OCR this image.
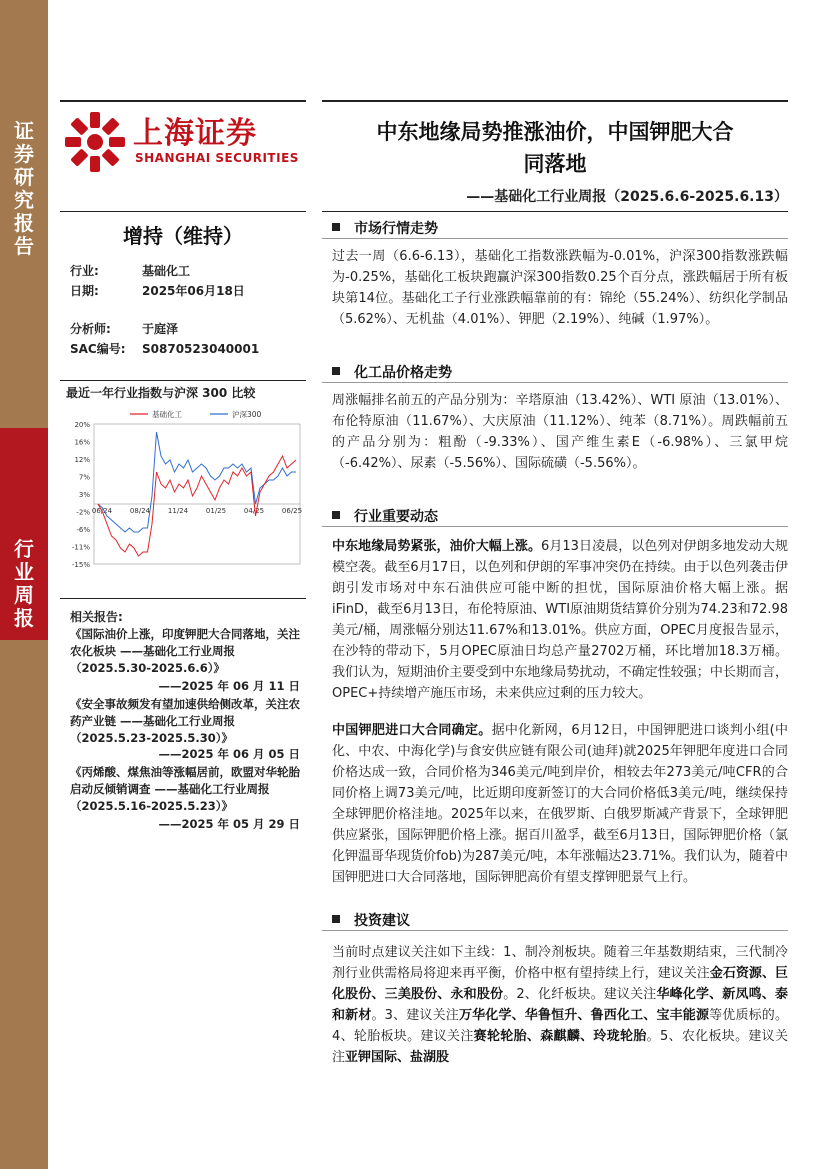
证券研究报告
行业周报
上海证券
SHANGHAI SECURITIES
中东地缘局势推涨油价，中国钾肥大合
同落地
——基础化工行业周报（2025.6.6-2025.6.13）
增持（维持）
行业:	基础化工
日期:	2025年06月18日
分析师:	于庭泽
SAC编号: S0870523040001
最近一年行业指数与沪深 300 比较
20%
16%
12%
7%
3%
-2%
-6%
-11%
-15%
06/24	08/24	11/24	01/25	04/25	06/25
基础化工	沪深300
相关报告:
《国际油价上涨，印度钾肥大合同落地，关注农化板块 ——基础化工行业周报（2025.5.30-2025.6.6）》
——2025 年 06 月 11 日
《安全事故频发有望加速供给侧改革，关注农药产业链 ——基础化工行业周报（2025.5.23-2025.5.30）》
——2025 年 06 月 05 日
《丙烯酸、煤焦油等涨幅居前，欧盟对华轮胎启动反倾销调查 ——基础化工行业周报（2025.5.16-2025.5.23）》
——2025 年 05 月 29 日
市场行情走势
过去一周（6.6-6.13），基础化工指数涨跌幅为-0.01%，沪深300指数涨跌幅为-0.25%，基础化工板块跑赢沪深300指数0.25个百分点，涨跌幅居于所有板块第14位。基础化工子行业涨跌幅靠前的有：锦纶（55.24%）、纺织化学制品（5.62%）、无机盐（4.01%）、钾肥（2.19%）、纯碱（1.97%）。
化工品价格走势
周涨幅排名前五的产品分别为：辛塔原油（13.42%）、WTI 原油（13.01%）、布伦特原油（11.67%）、大庆原油（11.12%）、纯苯（8.71%）。周跌幅前五的产品分别为：粗酚（-9.33%）、国产维生素E（-6.98%）、三氯甲烷（-6.42%）、尿素（-5.56%）、国际硫磺（-5.56%）。
行业重要动态
中东地缘局势紧张，油价大幅上涨。6月13日凌晨，以色列对伊朗多地发动大规模空袭。截至6月17日，以色列和伊朗的军事冲突仍在持续。由于以色列袭击伊朗引发市场对中东石油供应可能中断的担忧，国际原油价格大幅上涨。据iFinD，截至6月13日，布伦特原油、WTI原油期货结算价分别为74.23和72.98美元/桶，周涨幅分别达11.67%和13.01%。供应方面，OPEC月度报告显示，在沙特的带动下，5月OPEC原油日均总产量2702万桶，环比增加18.3万桶。我们认为，短期油价主要受到中东地缘局势扰动，不确定性较强；中长期而言，OPEC+持续增产施压市场，未来供应过剩的压力较大。
中国钾肥进口大合同确定。据中化新网，6月12日，中国钾肥进口谈判小组(中化、中农、中海化学)与食安供应链有限公司(迪拜)就2025年钾肥年度进口合同价格达成一致，合同价格为346美元/吨到岸价，相较去年273美元/吨CFR的合同价格上调73美元/吨，比近期印度新签订的大合同价格低3美元/吨，继续保持全球钾肥价格洼地。2025年以来，在俄罗斯、白俄罗斯减产背景下，全球钾肥供应紧张，国际钾肥价格上涨。据百川盈孚，截至6月13日，国际钾肥价格（氯化钾温哥华现货价fob)为287美元/吨，本年涨幅达23.71%。我们认为，随着中国钾肥进口大合同落地，国际钾肥高价有望支撑钾肥景气上行。
投资建议
当前时点建议关注如下主线：1、制冷剂板块。随着三年基数期结束，三代制冷剂行业供需格局将迎来再平衡，价格中枢有望持续上行，建议关注金石资源、巨化股份、三美股份、永和股份。2、化纤板块。建议关注华峰化学、新凤鸣、泰和新材。3、建议关注万华化学、华鲁恒升、鲁西化工、宝丰能源等优质标的。4、轮胎板块。建议关注赛轮轮胎、森麒麟、玲珑轮胎。5、农化板块。建议关注亚钾国际、盐湖股
